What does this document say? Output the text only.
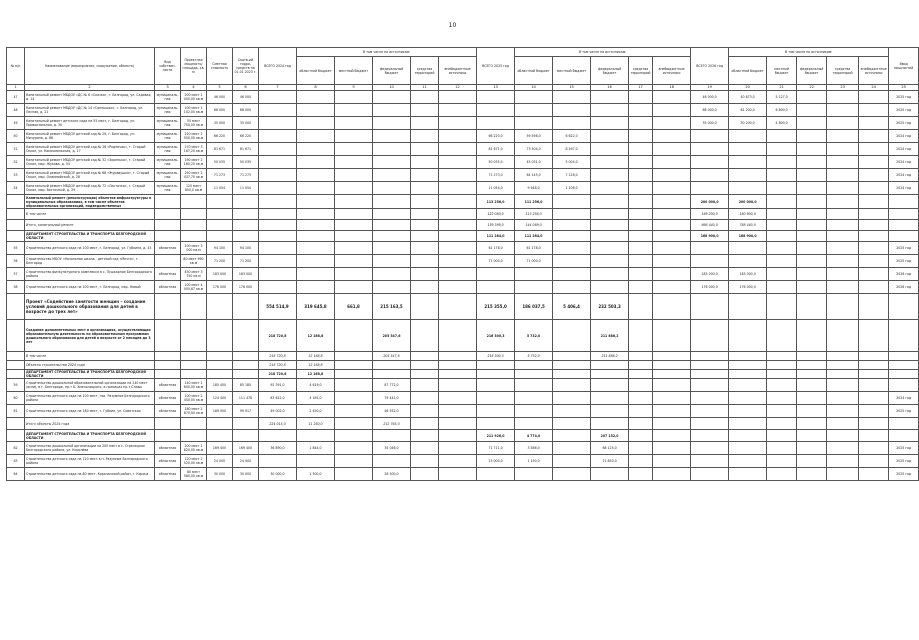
10
№ п/п	Наименование (мероприятие, сооружение, объекта)	Вид собствен-ности	Проектная мощность/ площадь, кв. м	Сметная стоимость	Соотв-ий гидро-средств на 01.01 2023 г.	ВСЕГО 2024 год	В том числе по источникам:					ВСЕГО 2025 год	В том числе по источникам:					ВСЕГО 2026 год	В том числе по источникам:					Ввод мощностей
							областной бюджет	местный бюджет	федеральный бюджет	средства территорий	внебюджетные источники		областной бюджет	местный бюджет	федеральный бюджет	средства территорий	внебюджетные источники		областной бюджет	местный бюджет	федеральный бюджет	средства территорий	внебюджетные источники	
1	2	3	4	5	6	7	8	9	10	11	12	13	14	15	16	17	18	19	20	21	22	23	24	25
47	Капитальный ремонт МБДОУ «ДС № 6 «Сказка», г. Белгород, ул. Садовая, д. 14	муниципаль-ная	200 мест 1 000,00 кв.м	46 000	46 000													46 000,0	40 873,0	5 127,0				2025 год
48	Капитальный ремонт МБДОУ «ДС № 14 «Солнышко», г. Белгород, ул. Лесная, д. 21	муниципаль-ная	100 мест 1 102,00 кв.м	68 000	68 000													68 000,0	61 200,0	6 800,0				2025 год
49	Капитальный ремонт детского сада на 55 мест, г. Белгород, ул. Привокзальная, д. 30	муниципаль-ная	55 мест 750,00 кв.м	35 000	35 000													35 000,0	30 200,0	4 800,0				2025 год
50	Капитальный ремонт МБДОУ детский сад № 29, г. Белгород, ул. Мичурина, д. 86	муниципаль-ная	220 мест 2 500,00 кв.м	66 220	66 220							66 220,0	59 598,0	6 622,0										2024 год
51	Капитальный ремонт МБДОУ детский сад № 16 «Родничок», г. Старый Оскол, ул. Комсомольская, д. 17	муниципаль-ная	270 мест 3 167,20 кв.м	81 671	81 671							81 671,0	73 504,0	8 167,0										2024 год
52	Капитальный ремонт МБДОУ детский сад № 32 «Зоренька», г. Старый Оскол, мкр. Жукова, д. 54	муниципаль-ная	190 мест 2 160,20 кв.м	50 035	50 035							50 035,0	45 031,0	5 004,0										2024 год
53	Капитальный ремонт МБДОУ детский сад № 68 «Журавушка», г. Старый Оскол, мкр. Олимпийский, д. 28	муниципаль-ная	250 мест 2 437,70 кв.м	71 273	71 273							71 273,0	64 145,0	7 128,0										2024 год
54	Капитальный ремонт МБДОУ детский сад № 72 «Ласточка», г. Старый Оскол, мкр. Восточный, д. 29	муниципаль-ная	120 мест 850,0 кв.м	11 054	11 054							11 054,0	9 948,0	1 106,0										2024 год
	Капитальный ремонт (реконструкция) объектов инфраструктуры в муниципальных образованиях, в том числе объектов образовательных организаций, подведомственных											113 256,0	111 256,0					200 000,0	200 000,0					
	В том числе											122 080,0	113 256,0					169 200,0	160 900,0					
	Итого, капитальный ремонт											159 389,0	144 069,0					866 440,0	788 440,0					
	ДЕПАРТАМЕНТ СТРОИТЕЛЬСТВА И ТРАНСПОРТА БЕЛГОРОДСКОЙ ОБЛАСТИ											111 284,0	111 284,0					168 900,0	168 900,0					
55	Строительство детского сада на 100 мест, г. Белгород, ул. Губкина, д. 43	областная	100 мест 3 000 кв.м	94 100	94 100							61 178,0	61 178,0											2025 год
56	Строительство МБОУ «Начальная школа - детский сад «Мечта», г. Белгород		80 мест 990 кв.м	71 200	71 200							71 000,0	71 000,0											2025 год
57	Строительство физкультурного комплекса в с. Пушкарное Белгородского района	областная	450 мест 3 750 кв.м	183 000	183 000													183 000,0	183 000,0					2026 год
58	Строительство детского сада на 100 мест, г. Белгород, мкр. Новый	областная	100 мест 4 005,87 кв.м	176 000	176 000													176 000,0	176 000,0					2026 год
	Проект «Содействие занятости женщин – создание условий дошкольного образования для детей в возрасте до трех лет»					554 514,9	319 645,8	661,8	215 163,5			215 355,0	186 037,5	5 406,4	232 503,3									
	Создание дополнительных мест в организациях, осуществляющих образовательную деятельность по образовательным программам дошкольного образования для детей в возрасте от 2 месяцев до 3 лет					218 720,8	12 168,8		205 547,6			216 300,3	5 732,0		211 886,2									
	В том числе					218 720,8	12 168,8		205 547,6			216 300,3	5 732,0		211 886,2									
	Объекты строительства 2024 года					218 720,8	12 168,8																	
	ДЕПАРТАМЕНТ СТРОИТЕЛЬСТВА И ТРАНСПОРТА БЕЛГОРОДСКОЙ ОБЛАСТИ					218 720,8	12 168,8																	
59	Строительство дошкольной образовательной организации на 140 мест (ясли), в г. Белгороде, пр-т Б. Хмельницкого, в границах пр-т Славы	областная	140 мест 1 600,00 кв.м	185 400	85 185	92 391,0	4 619,0		87 772,0															
60	Строительство детского сада на 100 мест, пос. Разумное Белгородского района	областная	100 мест 2 450,00 кв.м	124 400	111 478	83 622,0	4 181,0		79 441,0															2024 год
61	Строительство детского сада на 180 мест, г. Губкин, ул. Советская	областная	180 мест 2 870,00 кв.м	189 000	99 917	49 002,0	2 450,0		46 552,0															2025 год
	Итого объекты 2024 года					224 015,0	11 250,0		212 765,0															
	ДЕПАРТАМЕНТ СТРОИТЕЛЬСТВА И ТРАНСПОРТА БЕЛГОРОДСКОЙ ОБЛАСТИ											211 926,0	4 774,0		207 152,0									
62	Строительство дошкольной организации на 200 мест в с. Стрелецкое Белгородского района, ул. Королёва	областная	200 мест 1 820,00 кв.м	169 400	169 400	36 890,0	1 844,0		35 046,0			71 711,0	3 586,0		68 125,0									2025 год
63	Строительство детского сада на 120 мест в п. Разумное Белгородского района	областная	120 мест 2 520,00 кв.м	24 000	24 000							23 000,0	1 150,0		21 850,0									2025 год
64	Строительство детского сада на 80 мест, Корочанский район, г. Короча	областная	80 мест 580,00 кв.м	30 000	30 000	30 000,0	1 500,0		28 500,0															2025 год
